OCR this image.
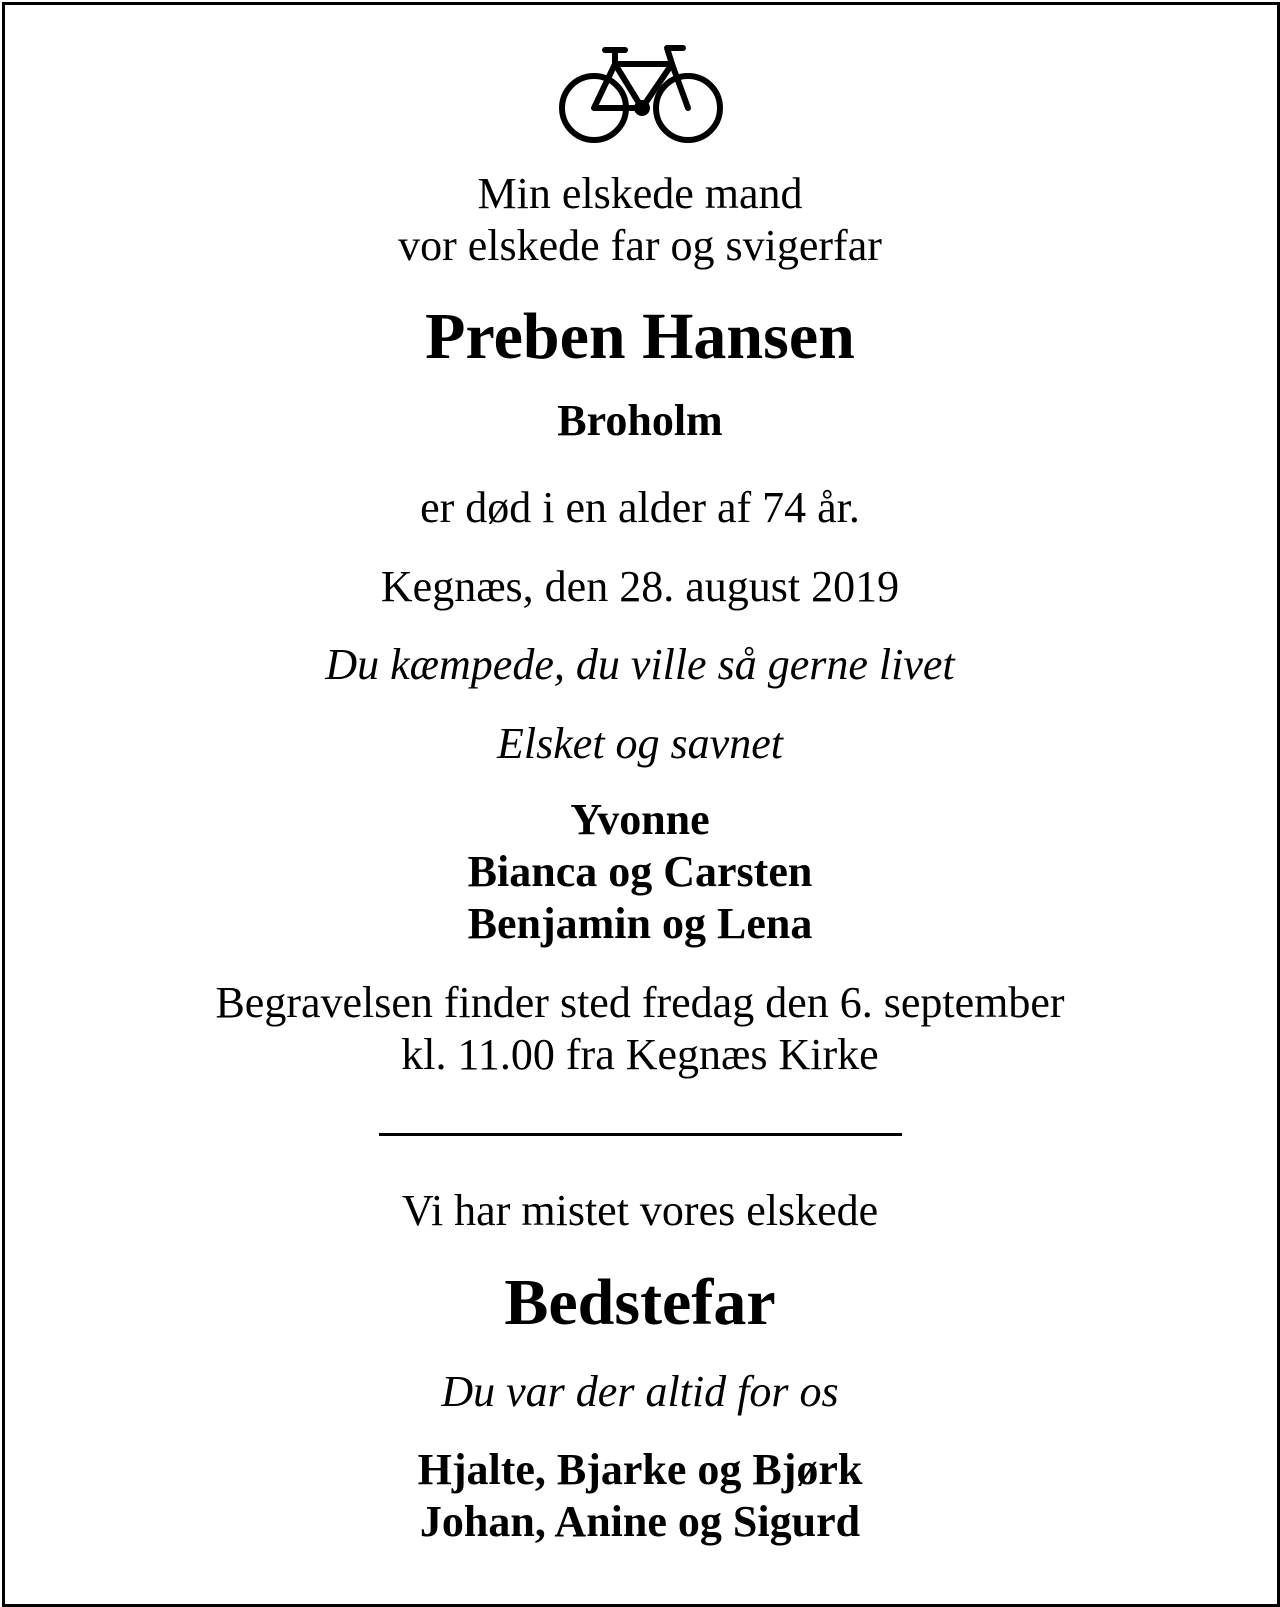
Min elskede mand
vor elskede far og svigerfar
Preben Hansen
Broholm
er død i en alder af 74 år.
Kegnæs, den 28. august 2019
Du kæmpede, du ville så gerne livet
Elsket og savnet
Yvonne
Bianca og Carsten
Benjamin og Lena
Begravelsen finder sted fredag den 6. september
kl. 11.00 fra Kegnæs Kirke
Vi har mistet vores elskede
Bedstefar
Du var der altid for os
Hjalte, Bjarke og Bjørk
Johan, Anine og Sigurd
